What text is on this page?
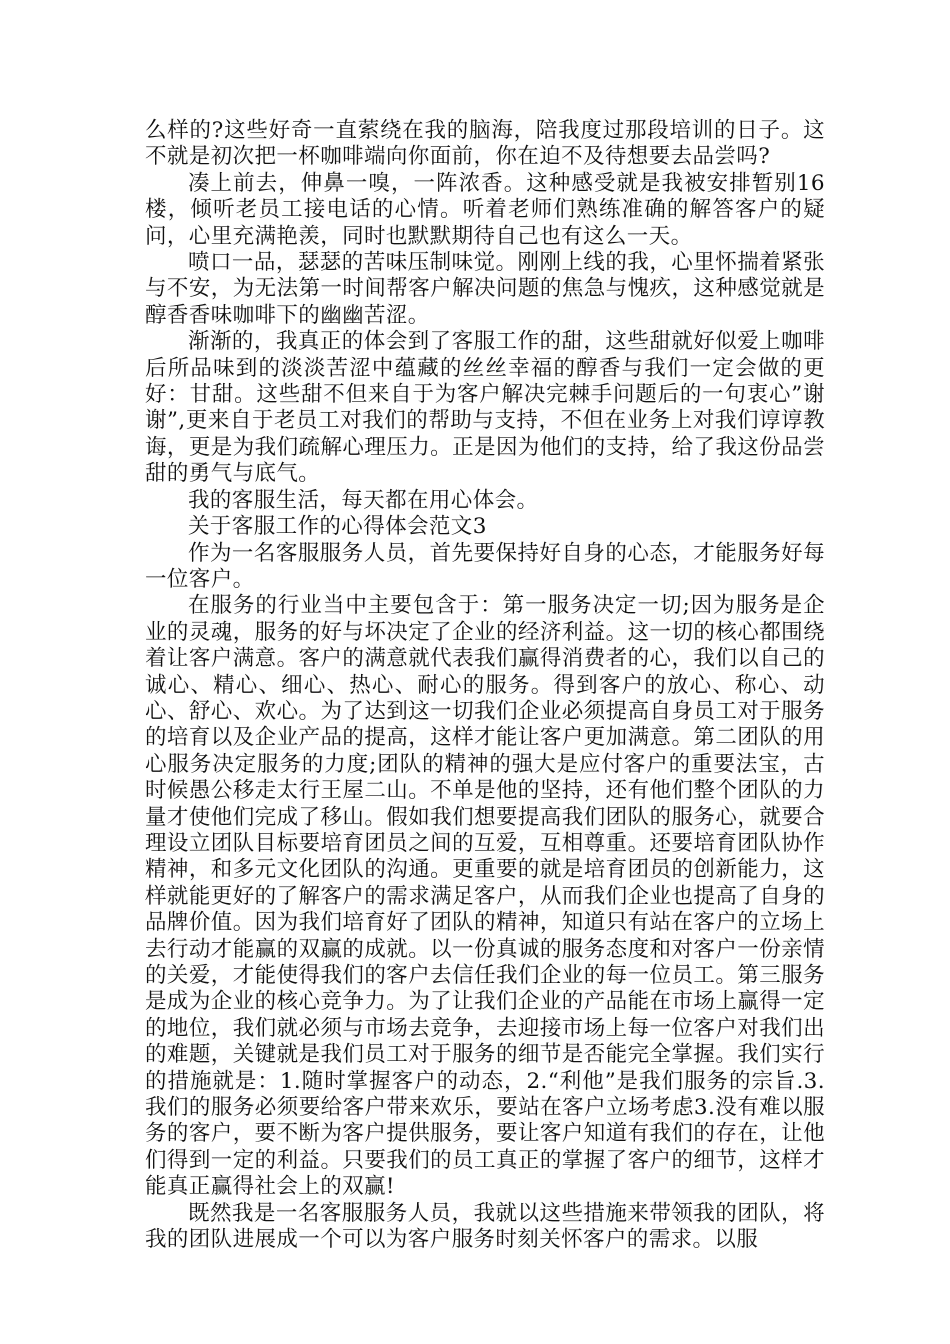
么样的?这些好奇一直萦绕在我的脑海，陪我度过那段培训的日子。这不就是初次把一杯咖啡端向你面前，你在迫不及待想要去品尝吗?

凑上前去，伸鼻一嗅，一阵浓香。这种感受就是我被安排暂别16楼，倾听老员工接电话的心情。听着老师们熟练准确的解答客户的疑问，心里充满艳羡，同时也默默期待自己也有这么一天。

喷口一品，瑟瑟的苦味压制味觉。刚刚上线的我，心里怀揣着紧张与不安，为无法第一时间帮客户解决问题的焦急与愧疚，这种感觉就是醇香香味咖啡下的幽幽苦涩。

渐渐的，我真正的体会到了客服工作的甜，这些甜就好似爱上咖啡后所品味到的淡淡苦涩中蕴藏的丝丝幸福的醇香与我们一定会做的更好：甘甜。这些甜不但来自于为客户解决完棘手问题后的一句衷心”谢谢”,更来自于老员工对我们的帮助与支持，不但在业务上对我们谆谆教诲，更是为我们疏解心理压力。正是因为他们的支持，给了我这份品尝甜的勇气与底气。

我的客服生活，每天都在用心体会。

关于客服工作的心得体会范文3

作为一名客服服务人员，首先要保持好自身的心态，才能服务好每一位客户。

在服务的行业当中主要包含于：第一服务决定一切;因为服务是企业的灵魂，服务的好与坏决定了企业的经济利益。这一切的核心都围绕着让客户满意。客户的满意就代表我们赢得消费者的心，我们以自己的诚心、精心、细心、热心、耐心的服务。得到客户的放心、称心、动心、舒心、欢心。为了达到这一切我们企业必须提高自身员工对于服务的培育以及企业产品的提高，这样才能让客户更加满意。第二团队的用心服务决定服务的力度;团队的精神的强大是应付客户的重要法宝，古时候愚公移走太行王屋二山。不单是他的坚持，还有他们整个团队的力量才使他们完成了移山。假如我们想要提高我们团队的服务心，就要合理设立团队目标要培育团员之间的互爱，互相尊重。还要培育团队协作精神，和多元文化团队的沟通。更重要的就是培育团员的创新能力，这样就能更好的了解客户的需求满足客户，从而我们企业也提高了自身的品牌价值。因为我们培育好了团队的精神，知道只有站在客户的立场上去行动才能赢的双赢的成就。以一份真诚的服务态度和对客户一份亲情的关爱，才能使得我们的客户去信任我们企业的每一位员工。第三服务是成为企业的核心竞争力。为了让我们企业的产品能在市场上赢得一定的地位，我们就必须与市场去竞争，去迎接市场上每一位客户对我们出的难题，关键就是我们员工对于服务的细节是否能完全掌握。我们实行的措施就是：1.随时掌握客户的动态，2.“利他”是我们服务的宗旨.3.我们的服务必须要给客户带来欢乐，要站在客户立场考虑3.没有难以服务的客户，要不断为客户提供服务，要让客户知道有我们的存在，让他们得到一定的利益。只要我们的员工真正的掌握了客户的细节，这样才能真正赢得社会上的双赢!

既然我是一名客服服务人员，我就以这些措施来带领我的团队，将我的团队进展成一个可以为客户服务时刻关怀客户的需求。以服
